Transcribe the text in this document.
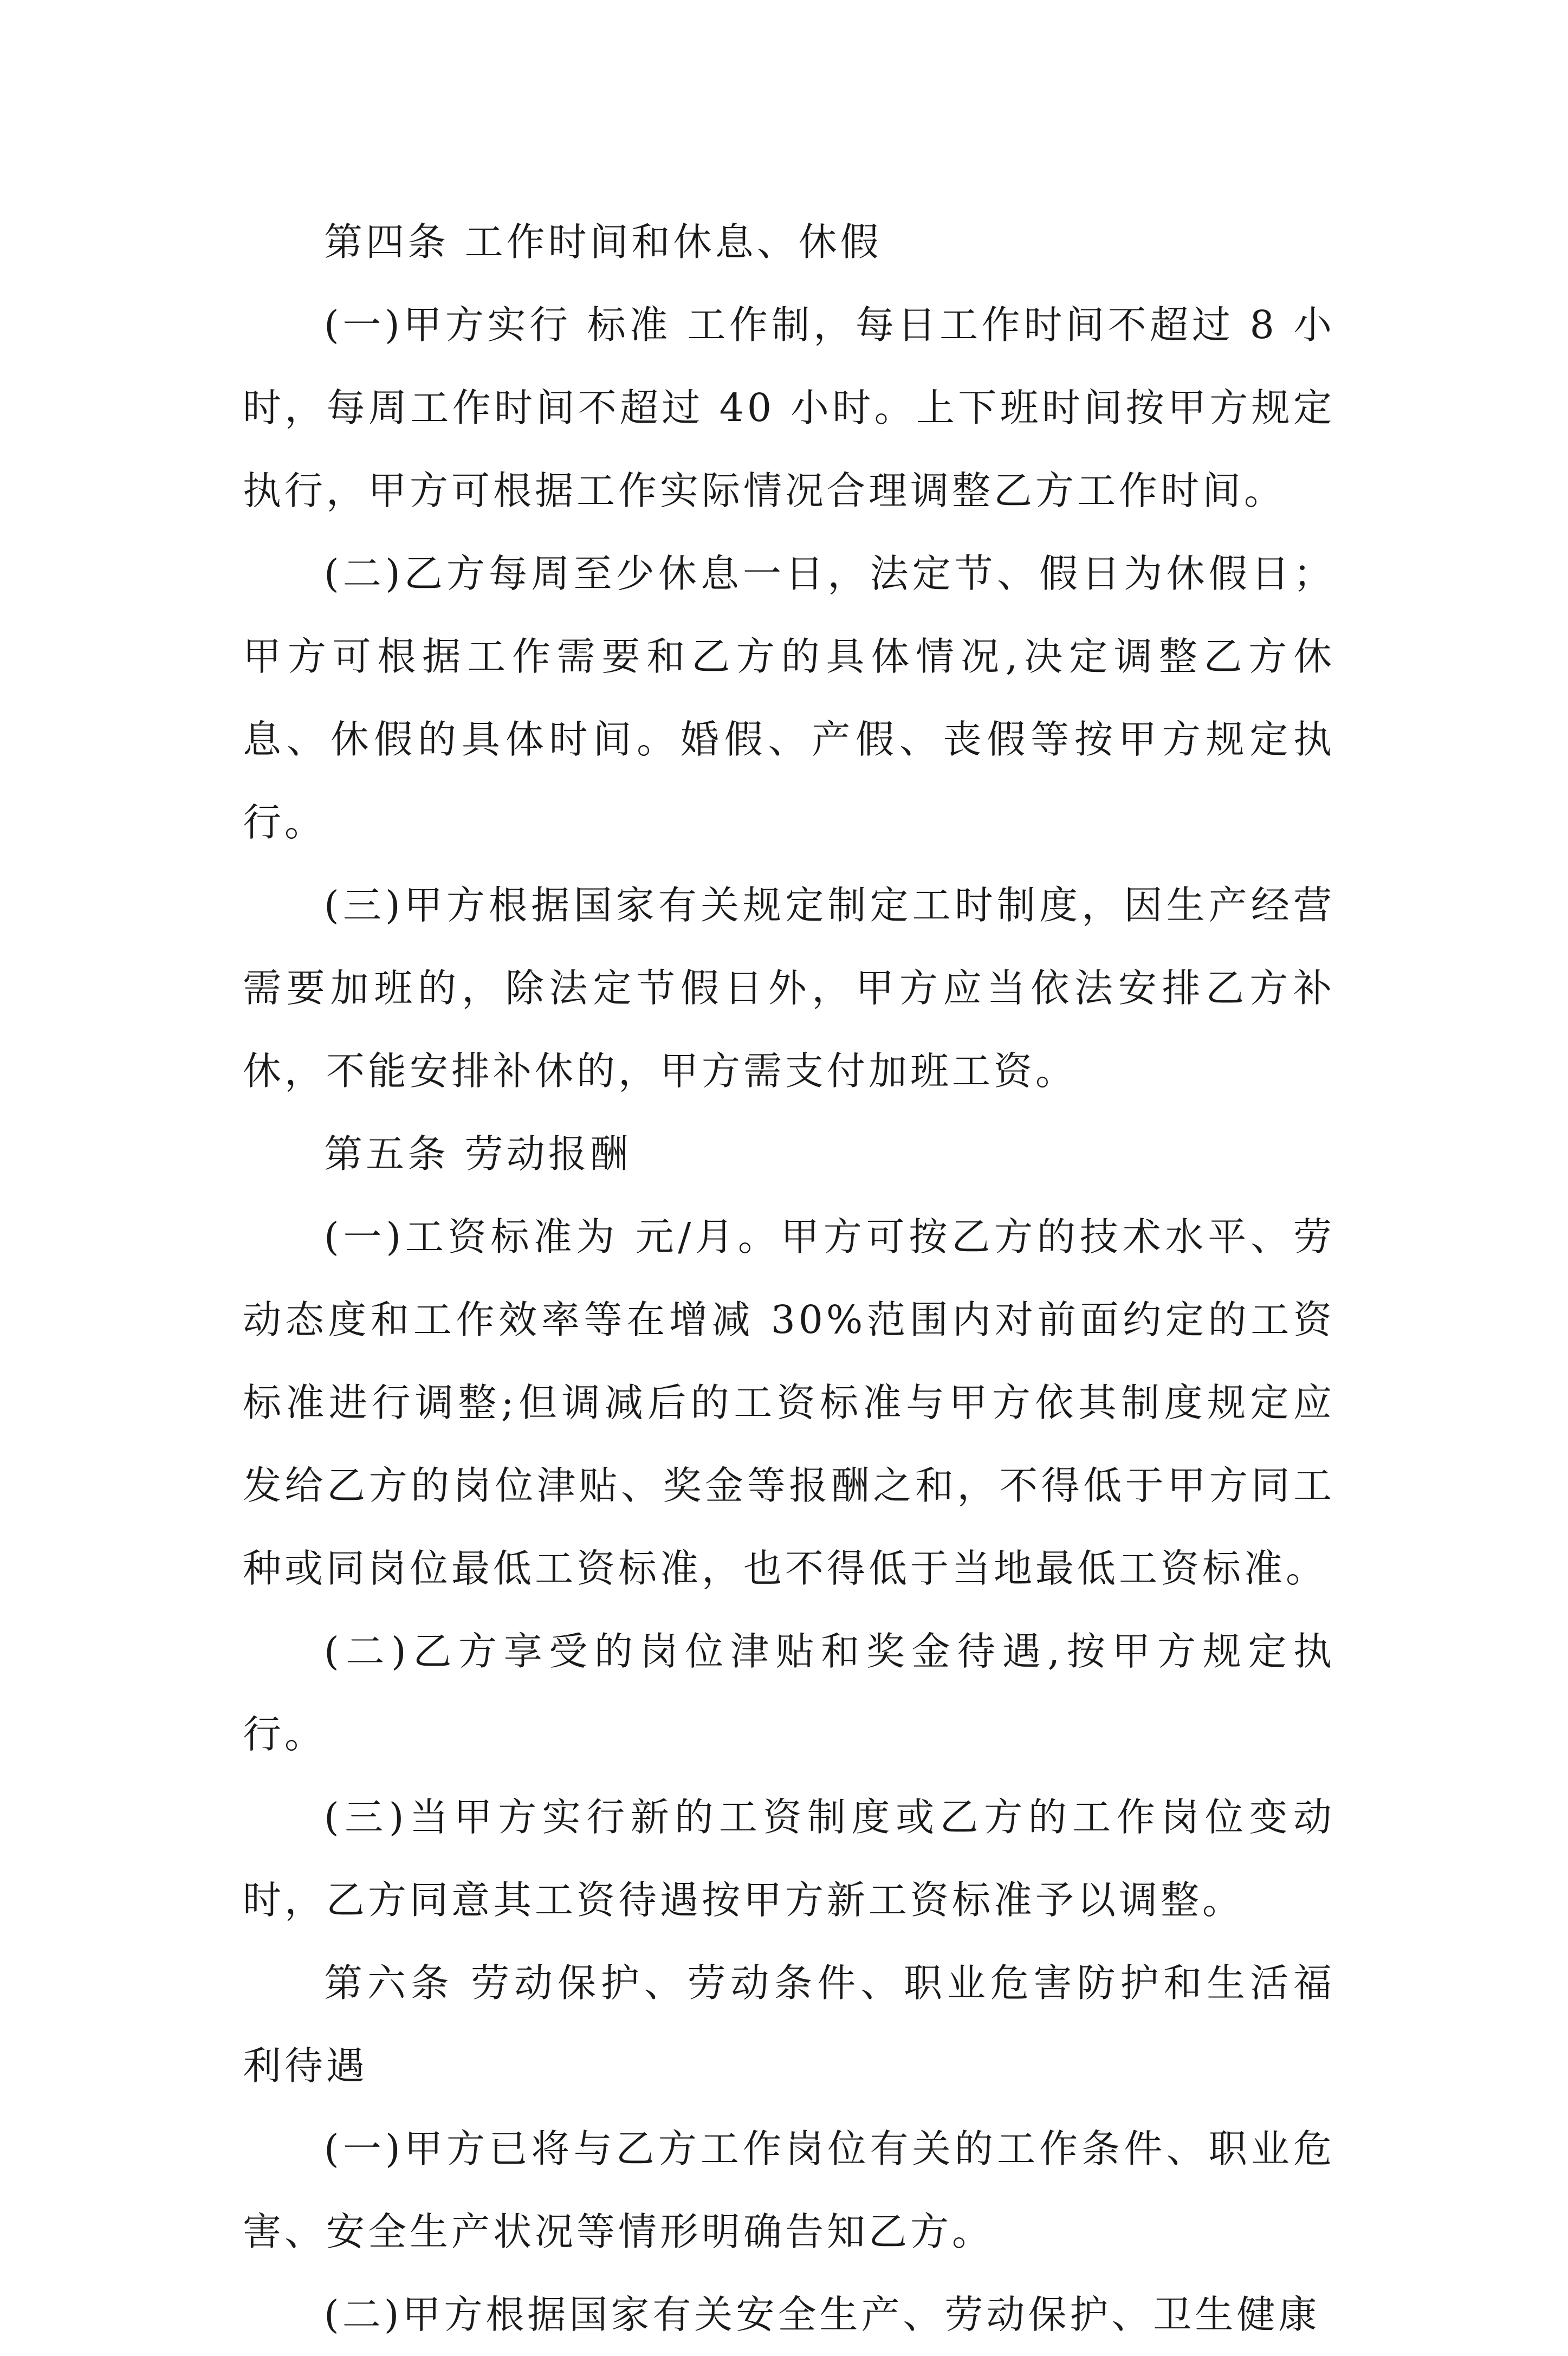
第四条 工作时间和休息、休假

(一)甲方实行 标准 工作制，每日工作时间不超过 8 小时，每周工作时间不超过 40 小时。上下班时间按甲方规定执行，甲方可根据工作实际情况合理调整乙方工作时间。

(二)乙方每周至少休息一日，法定节、假日为休假日；甲方可根据工作需要和乙方的具体情况,决定调整乙方休息、休假的具体时间。婚假、产假、丧假等按甲方规定执行。

(三)甲方根据国家有关规定制定工时制度，因生产经营需要加班的，除法定节假日外，甲方应当依法安排乙方补休，不能安排补休的，甲方需支付加班工资。

第五条 劳动报酬

(一)工资标准为 元/月。甲方可按乙方的技术水平、劳动态度和工作效率等在增减 30%范围内对前面约定的工资标准进行调整;但调减后的工资标准与甲方依其制度规定应发给乙方的岗位津贴、奖金等报酬之和，不得低于甲方同工种或同岗位最低工资标准，也不得低于当地最低工资标准。

(二)乙方享受的岗位津贴和奖金待遇,按甲方规定执行。

(三)当甲方实行新的工资制度或乙方的工作岗位变动时，乙方同意其工资待遇按甲方新工资标准予以调整。

第六条 劳动保护、劳动条件、职业危害防护和生活福利待遇

(一)甲方已将与乙方工作岗位有关的工作条件、职业危害、安全生产状况等情形明确告知乙方。

(二)甲方根据国家有关安全生产、劳动保护、卫生健康
